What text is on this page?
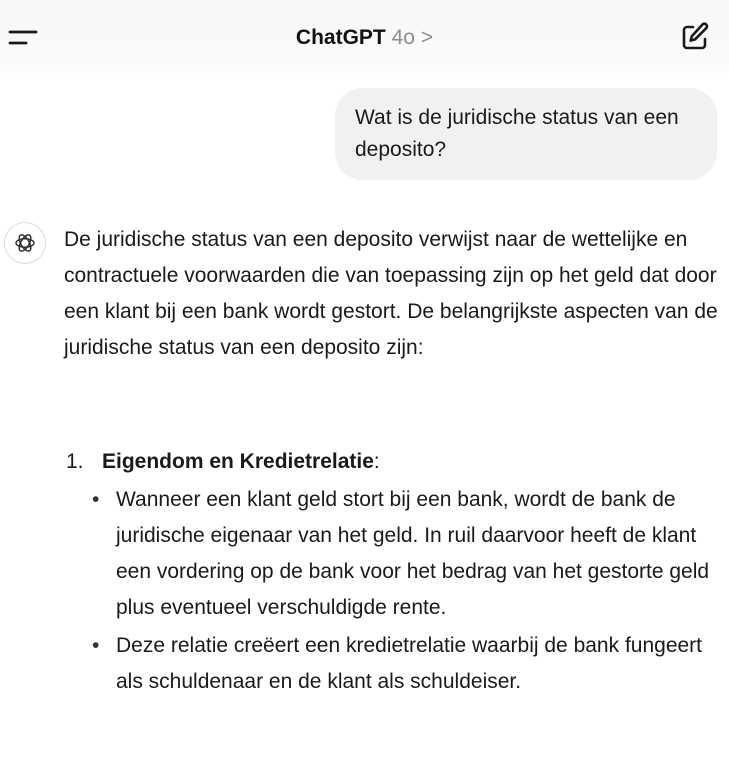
ChatGPT 4o >
Wat is de juridische status van een deposito?

De juridische status van een deposito verwijst naar de wettelijke en contractuele voorwaarden die van toepassing zijn op het geld dat door een klant bij een bank wordt gestort. De belangrijkste aspecten van de juridische status van een deposito zijn:

1. Eigendom en Kredietrelatie:
• Wanneer een klant geld stort bij een bank, wordt de bank de juridische eigenaar van het geld. In ruil daarvoor heeft de klant een vordering op de bank voor het bedrag van het gestorte geld plus eventueel verschuldigde rente.
• Deze relatie creëert een kredietrelatie waarbij de bank fungeert als schuldenaar en de klant als schuldeiser.
